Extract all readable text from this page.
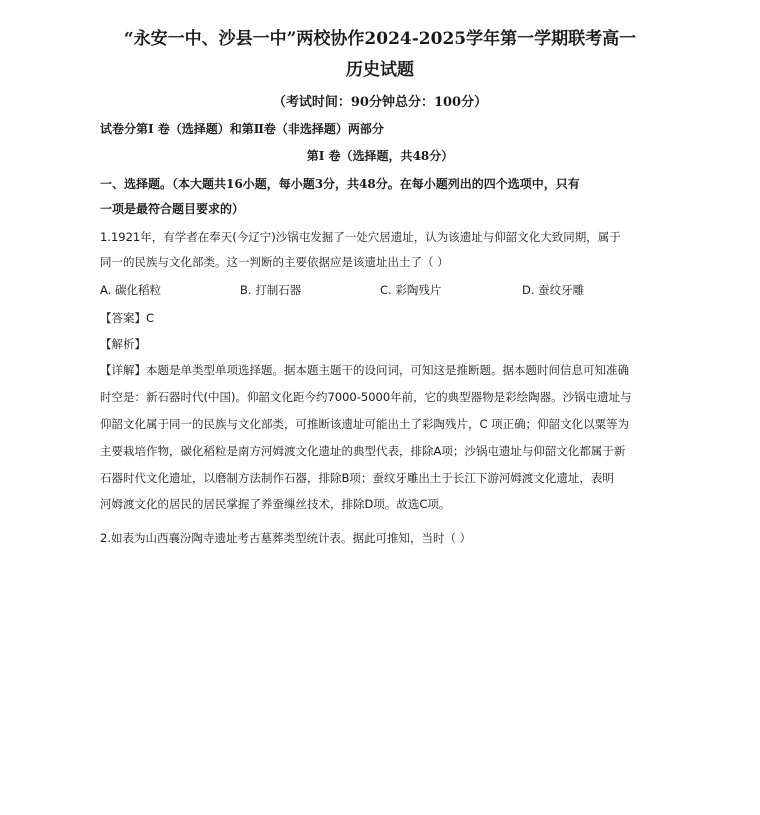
“永安一中、沙县一中”两校协作2024-2025学年第一学期联考高一
历史试题
（考试时间：90分钟总分：100分）
试卷分第Ⅰ 卷（选择题）和第Ⅱ卷（非选择题）两部分
第Ⅰ 卷（选择题，共48分）
一、选择题。（本大题共16小题，每小题3分，共48分。在每小题列出的四个选项中，只有
一项是最符合题目要求的）
1.1921年，有学者在奉天(今辽宁)沙锅屯发掘了一处穴居遗址，认为该遗址与仰韶文化大致同期，属于
同一的民族与文化部类。这一判断的主要依据应是该遗址出土了（ ）
A. 碳化稻粒	B. 打制石器	C. 彩陶残片	D. 蚕纹牙雕
【答案】C
【解析】
【详解】本题是单类型单项选择题。据本题主题干的设问词，可知这是推断题。据本题时间信息可知准确
时空是：新石器时代(中国)。仰韶文化距今约7000-5000年前，它的典型器物是彩绘陶器。沙锅屯遗址与
仰韶文化属于同一的民族与文化部类，可推断该遗址可能出土了彩陶残片，C 项正确；仰韶文化以粟等为
主要栽培作物，碳化稻粒是南方河姆渡文化遗址的典型代表，排除A项；沙锅屯遗址与仰韶文化都属于新
石器时代文化遗址，以磨制方法制作石器，排除B项；蚕纹牙雕出土于长江下游河姆渡文化遗址，表明
河姆渡文化的居民的居民掌握了养蚕缫丝技术，排除D项。故选C项。
2.如表为山西襄汾陶寺遗址考古墓葬类型统计表。据此可推知，当时（ ）
